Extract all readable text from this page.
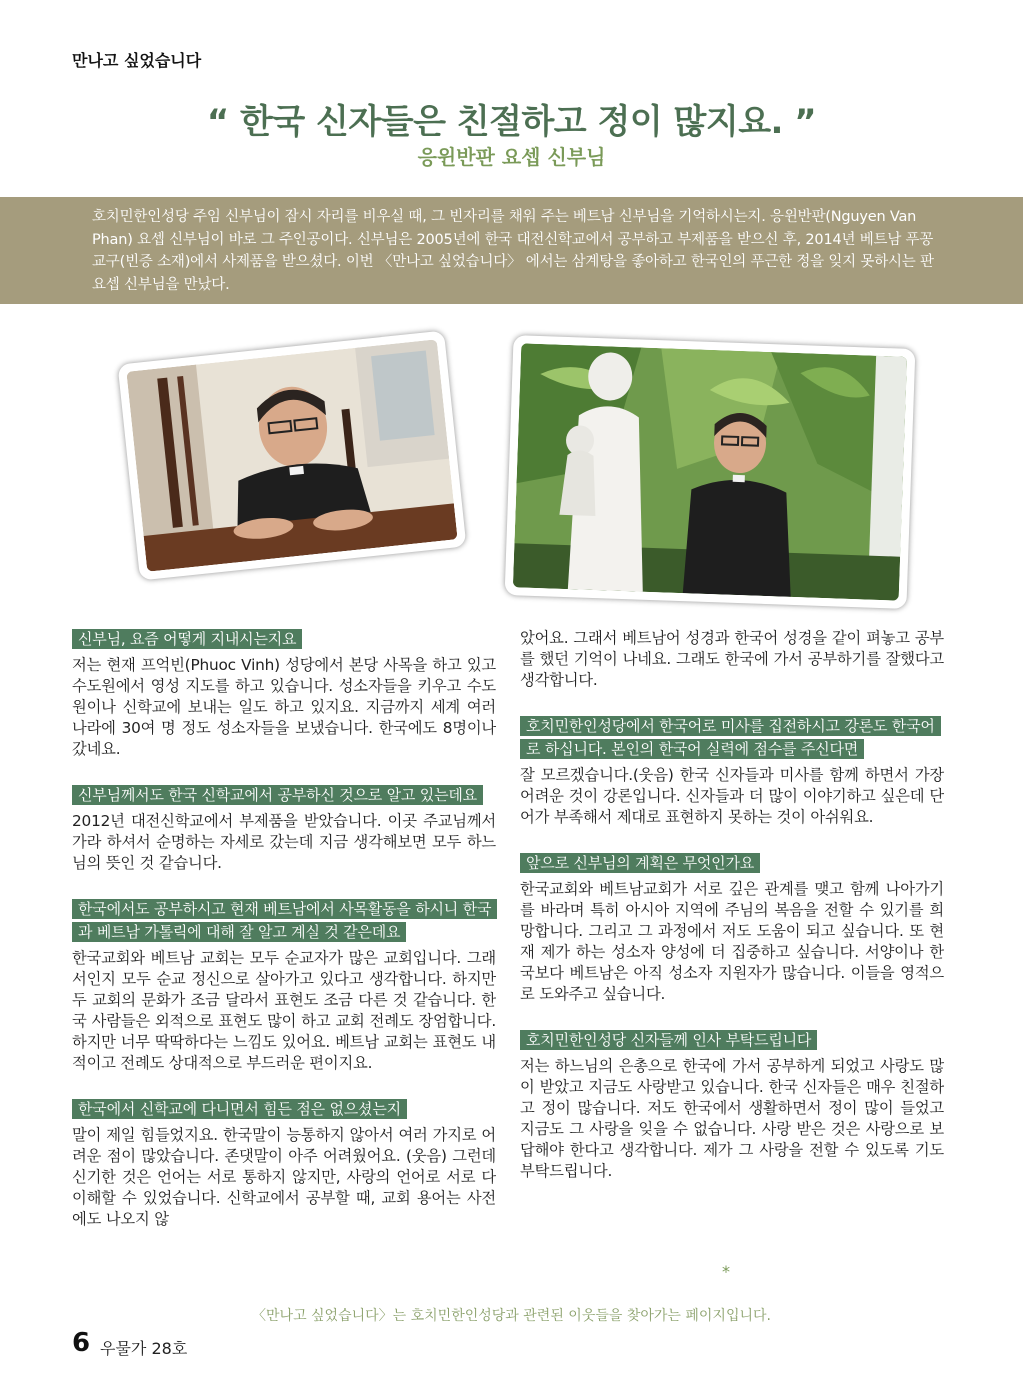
만나고 싶었습니다
“ 한국 신자들은 친절하고 정이 많지요. ”
응윈반판 요셉 신부님
호치민한인성당 주임 신부님이 잠시 자리를 비우실 때, 그 빈자리를 채워 주는 베트남 신부님을 기억하시는지. 응윈반판(Nguyen Van Phan) 요셉 신부님이 바로 그 주인공이다. 신부님은 2005년에 한국 대전신학교에서 공부하고 부제품을 받으신 후, 2014년 베트남 푸꽁교구(빈증 소재)에서 사제품을 받으셨다. 이번 〈만나고 싶었습니다〉 에서는 삼계탕을 좋아하고 한국인의 푸근한 정을 잊지 못하시는 판 요셉 신부님을 만났다.
신부님, 요즘 어떻게 지내시는지요

저는 현재 프억빈(Phuoc Vinh) 성당에서 본당 사목을 하고 있고 수도원에서 영성 지도를 하고 있습니다. 성소자들을 키우고 수도원이나 신학교에 보내는 일도 하고 있지요. 지금까지 세계 여러 나라에 30여 명 정도 성소자들을 보냈습니다. 한국에도 8명이나 갔네요.

신부님께서도 한국 신학교에서 공부하신 것으로 알고 있는데요

2012년 대전신학교에서 부제품을 받았습니다. 이곳 주교님께서 가라 하셔서 순명하는 자세로 갔는데 지금 생각해보면 모두 하느님의 뜻인 것 같습니다.

한국에서도 공부하시고 현재 베트남에서 사목활동을 하시니 한국과 베트남 가톨릭에 대해 잘 알고 계실 것 같은데요

한국교회와 베트남 교회는 모두 순교자가 많은 교회입니다. 그래서인지 모두 순교 정신으로 살아가고 있다고 생각합니다. 하지만 두 교회의 문화가 조금 달라서 표현도 조금 다른 것 같습니다. 한국 사람들은 외적으로 표현도 많이 하고 교회 전례도 장엄합니다. 하지만 너무 딱딱하다는 느낌도 있어요. 베트남 교회는 표현도 내적이고 전례도 상대적으로 부드러운 편이지요.

한국에서 신학교에 다니면서 힘든 점은 없으셨는지

말이 제일 힘들었지요. 한국말이 능통하지 않아서 여러 가지로 어려운 점이 많았습니다. 존댓말이 아주 어려웠어요. (웃음) 그런데 신기한 것은 언어는 서로 통하지 않지만, 사랑의 언어로 서로 다 이해할 수 있었습니다. 신학교에서 공부할 때, 교회 용어는 사전에도 나오지 않

았어요. 그래서 베트남어 성경과 한국어 성경을 같이 펴놓고 공부를 했던 기억이 나네요. 그래도 한국에 가서 공부하기를 잘했다고 생각합니다.

호치민한인성당에서 한국어로 미사를 집전하시고 강론도 한국어로 하십니다. 본인의 한국어 실력에 점수를 주신다면

잘 모르겠습니다.(웃음) 한국 신자들과 미사를 함께 하면서 가장 어려운 것이 강론입니다. 신자들과 더 많이 이야기하고 싶은데 단어가 부족해서 제대로 표현하지 못하는 것이 아쉬워요.

앞으로 신부님의 계획은 무엇인가요

한국교회와 베트남교회가 서로 깊은 관계를 맺고 함께 나아가기를 바라며 특히 아시아 지역에 주님의 복음을 전할 수 있기를 희망합니다. 그리고 그 과정에서 저도 도움이 되고 싶습니다. 또 현재 제가 하는 성소자 양성에 더 집중하고 싶습니다. 서양이나 한국보다 베트남은 아직 성소자 지원자가 많습니다. 이들을 영적으로 도와주고 싶습니다.

호치민한인성당 신자들께 인사 부탁드립니다

저는 하느님의 은총으로 한국에 가서 공부하게 되었고 사랑도 많이 받았고 지금도 사랑받고 있습니다. 한국 신자들은 매우 친절하고 정이 많습니다. 저도 한국에서 생활하면서 정이 많이 들었고 지금도 그 사랑을 잊을 수 없습니다. 사랑 받은 것은 사랑으로 보답해야 한다고 생각합니다. 제가 그 사랑을 전할 수 있도록 기도 부탁드립니다.

*
〈만나고 싶었습니다〉는 호치민한인성당과 관련된 이웃들을 찾아가는 페이지입니다.
6 우물가 28호
